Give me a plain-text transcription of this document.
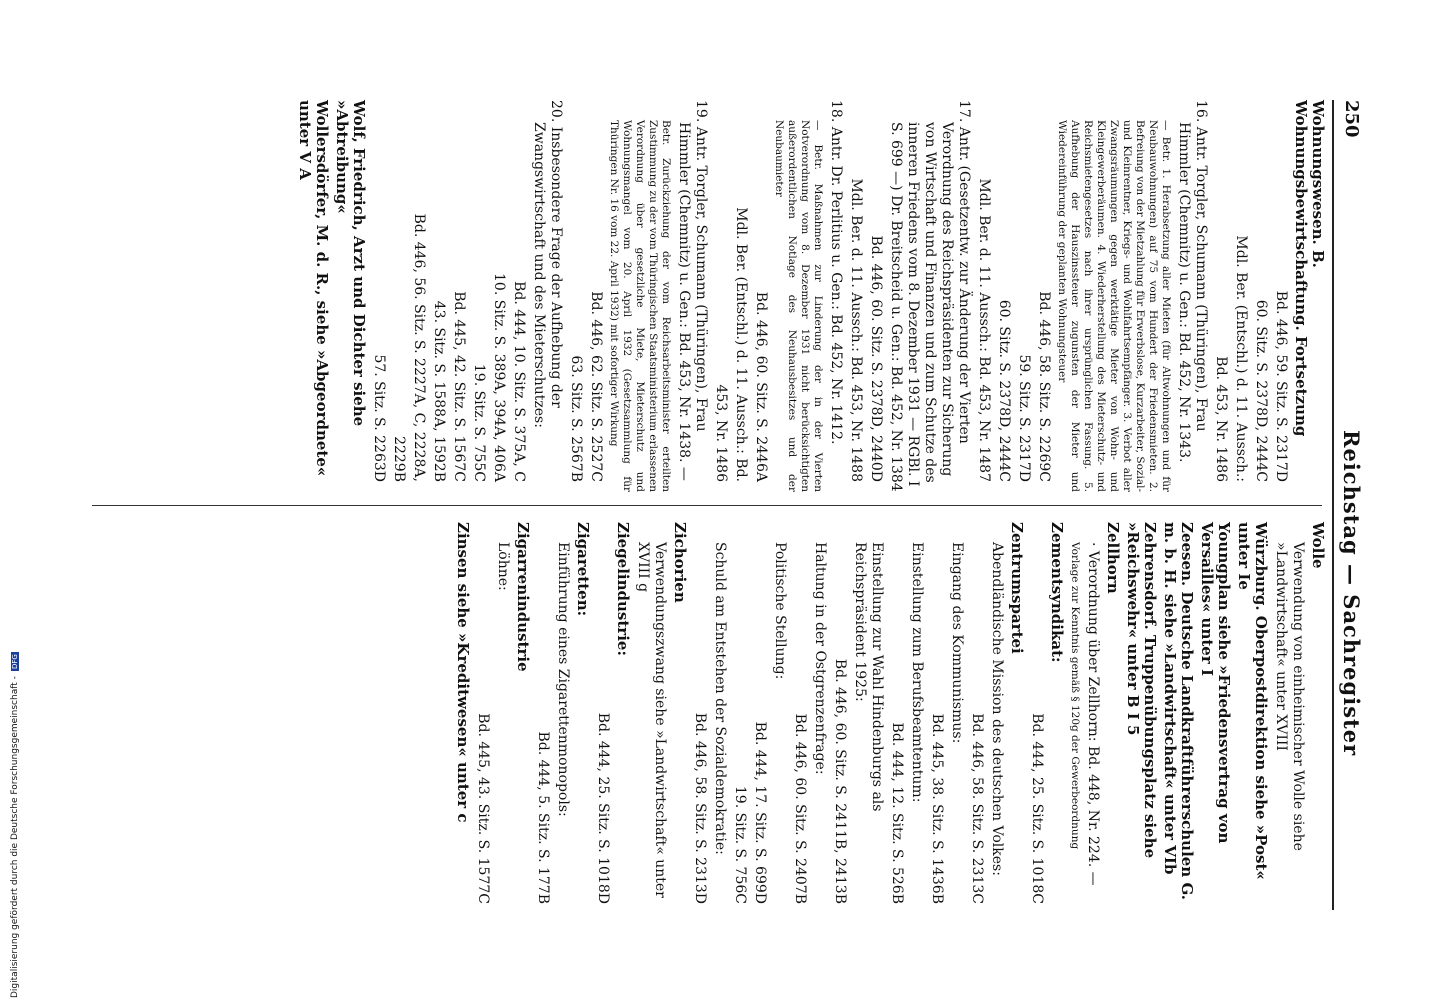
250
Reichstag — Sachregister
Wohnungswesen. B. Wohnungsbewirtschaftung. Fortsetzung
Bd. 446, 59. Sitz. S. 2317D
60. Sitz. S. 2378D, 2444C
Mdl. Ber. (Entschl.) d. 11. Aussch.:
Bd. 453, Nr. 1486
16. Antr. Torgler, Schumann (Thüringen), Frau Himmler (Chemnitz) u. Gen.: Bd. 452, Nr. 1343.
— Betr. 1. Herabsetzung aller Mieten (für Altwohnungen und für Neubauwohnungen) auf 75 vom Hundert der Friedensmieten. 2. Befreiung von der Mietzahlung für Erwerbslose, Kurzarbeiter, Sozial- und Kleinrentner, Kriegs- und Wohlfahrtsempfänger. 3. Verbot aller Zwangsräumungen gegen werktätige Mieter von Wohn- und Kleingewerberäumen. 4. Wiederherstellung des Mieterschutz- und Reichsmietengesetzes nach ihrer ursprünglichen Fassung. 5. Aufhebung der Hauszinssteuer zugunsten der Mieter und Wiedereinführung der geplanten Wohnungsteuer
Bd. 446, 58. Sitz. S. 2269C
59. Sitz. S. 2317D
60. Sitz. S. 2378D, 2444C
Mdl. Ber. d. 11. Aussch.: Bd. 453, Nr. 1487
17. Antr. (Gesetzentw. zur Änderung der Vierten Verordnung des Reichspräsidenten zur Sicherung von Wirtschaft und Finanzen und zum Schutze des inneren Friedens vom 8. Dezember 1931 — RGBl. I S. 699 —) Dr. Breitscheid u. Gen.: Bd. 452, Nr. 1384
Bd. 446, 60. Sitz. S. 2378D, 2440D
Mdl. Ber. d. 11. Aussch.: Bd. 453, Nr. 1488
18. Antr. Dr. Perlitius u. Gen.: Bd. 452, Nr. 1412.
— Betr. Maßnahmen zur Linderung der in der Vierten Notverordnung vom 8. Dezember 1931 nicht berücksichtigten außerordentlichen Notlage des Neuhausbesitzes und der Neubaumieter
Bd. 446, 60. Sitz. S. 2446A
Mdl. Ber. (Entschl.) d. 11. Aussch.: Bd.
453, Nr. 1486
19. Antr. Torgler, Schumann (Thüringen), Frau Himmler (Chemnitz) u. Gen.: Bd. 453, Nr. 1438. —
Betr. Zurückziehung der vom Reichsarbeitsminister erteilten Zustimmung zu der vom Thüringischen Staatsministerium erlassenen Verordnung über gesetzliche Miete, Mieterschutz und Wohnungsmangel vom 20. April 1932 (Gesetzsammlung für Thüringen Nr. 16 vom 22. April 1932) mit sofortiger Wirkung
Bd. 446, 62. Sitz. S. 2527C
63. Sitz. S. 2567B
20. Insbesondere Frage der Aufhebung der Zwangswirtschaft und des Mieterschutzes:
Bd. 444, 10. Sitz. S. 375A, C
10. Sitz. S. 389A, 394A, 406A
19. Sitz. S. 755C
Bd. 445, 42. Sitz. S. 1567C
43. Sitz. S. 1588A, 1592B
Bd. 446, 56. Sitz. S. 2227A, C, 2228A,
2229B
57. Sitz. S. 2263D
Wolf, Friedrich, Arzt und Dichter siehe »Abtreibung«
Wollersdörfer, M. d. R., siehe »Abgeordnete« unter V A
Wolle
Verwendung von einheimischer Wolle siehe »Landwirtschaft« unter XVIII
Würzburg. Oberpostdirektion siehe »Post« unter Ie
Youngplan siehe »Friedensvertrag von Versailles« unter I
Zeesen. Deutsche Landkraftführerschulen G. m. b. H. siehe »Landwirtschaft« unter VIb
Zehrensdorf. Truppenübungsplatz siehe »Reichswehr« unter B I 5
Zellhorn
· Verordnung über Zellhorn: Bd. 448, Nr. 224. —
Vorlage zur Kenntnis gemäß § 120g der Gewerbeordnung
Zementsyndikat:
Bd. 444, 25. Sitz. S. 1018C
Zentrumspartei
Abendländische Mission des deutschen Volkes:
Bd. 446, 58. Sitz. S. 2313C
Eingang des Kommunismus:
Bd. 445, 38. Sitz. S. 1436B
Einstellung zum Berufsbeamtentum:
Bd. 444, 12. Sitz. S. 526B
Einstellung zur Wahl Hindenburgs als Reichspräsident 1925:
Bd. 446, 60. Sitz. S. 2411B, 2413B
Haltung in der Ostgrenzenfrage:
Bd. 446, 60. Sitz. S. 2407B
Politische Stellung:
Bd. 444, 17. Sitz. S. 699D
19. Sitz. S. 756C
Schuld am Entstehen der Sozialdemokratie:
Bd. 446, 58. Sitz. S. 2313D
Zichorien
Verwendungszwang siehe »Landwirtschaft« unter XVIII g
Ziegelindustrie:
Bd. 444, 25. Sitz. S. 1018D
Zigaretten:
Einführung eines Zigarettenmonopols:
Bd. 444, 5. Sitz. S. 177B
Zigarrenindustrie
Löhne:
Bd. 445, 43. Sitz. S. 1577C
Zinsen siehe »Kreditwesen« unter c
Digitalisierung gefördert durch die Deutsche Forschungsgemeinschaft - DFG
